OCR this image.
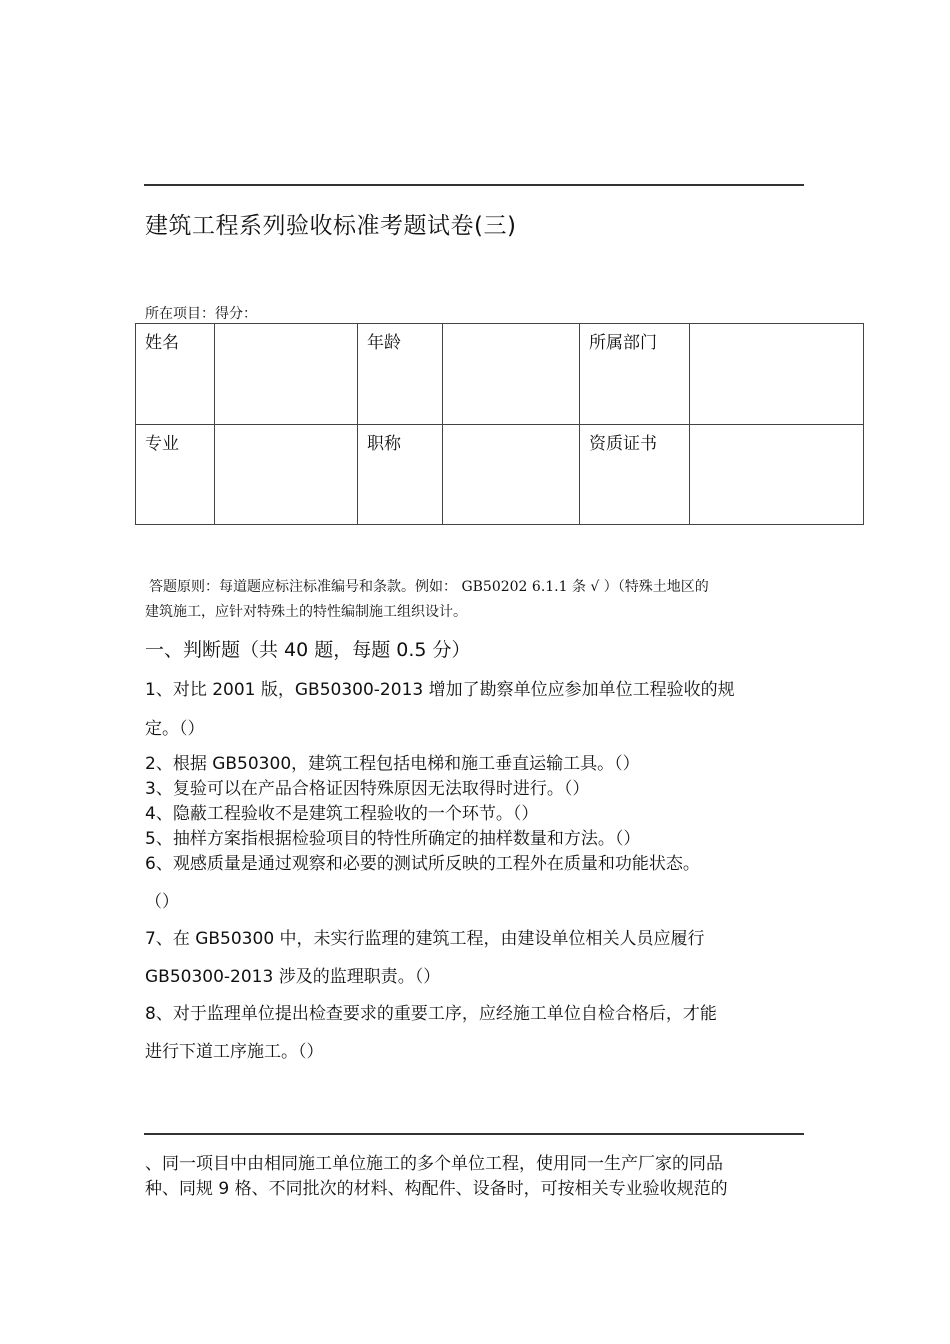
建筑工程系列验收标准考题试卷(三)
所在项目：得分：
姓名		年龄		所属部门	
专业		职称		资质证书	
答题原则：每道题应标注标准编号和条款。例如： GB50202 6.1.1 条 √ ）（特殊土地区的
建筑施工，应针对特殊土的特性编制施工组织设计。
一、判断题（共 40 题，每题 0.5 分）
1、对比 2001 版，GB50300-2013 增加了勘察单位应参加单位工程验收的规
定。（）
2、根据 GB50300，建筑工程包括电梯和施工垂直运输工具。（）
3、复验可以在产品合格证因特殊原因无法取得时进行。（）
4、隐蔽工程验收不是建筑工程验收的一个环节。（）
5、抽样方案指根据检验项目的特性所确定的抽样数量和方法。（）
6、观感质量是通过观察和必要的测试所反映的工程外在质量和功能状态。
（）
7、在 GB50300 中，未实行监理的建筑工程，由建设单位相关人员应履行
GB50300-2013 涉及的监理职责。（）
8、对于监理单位提出检查要求的重要工序，应经施工单位自检合格后，才能
进行下道工序施工。（）
、同一项目中由相同施工单位施工的多个单位工程，使用同一生产厂家的同品
种、同规 9 格、不同批次的材料、构配件、设备时，可按相关专业验收规范的
